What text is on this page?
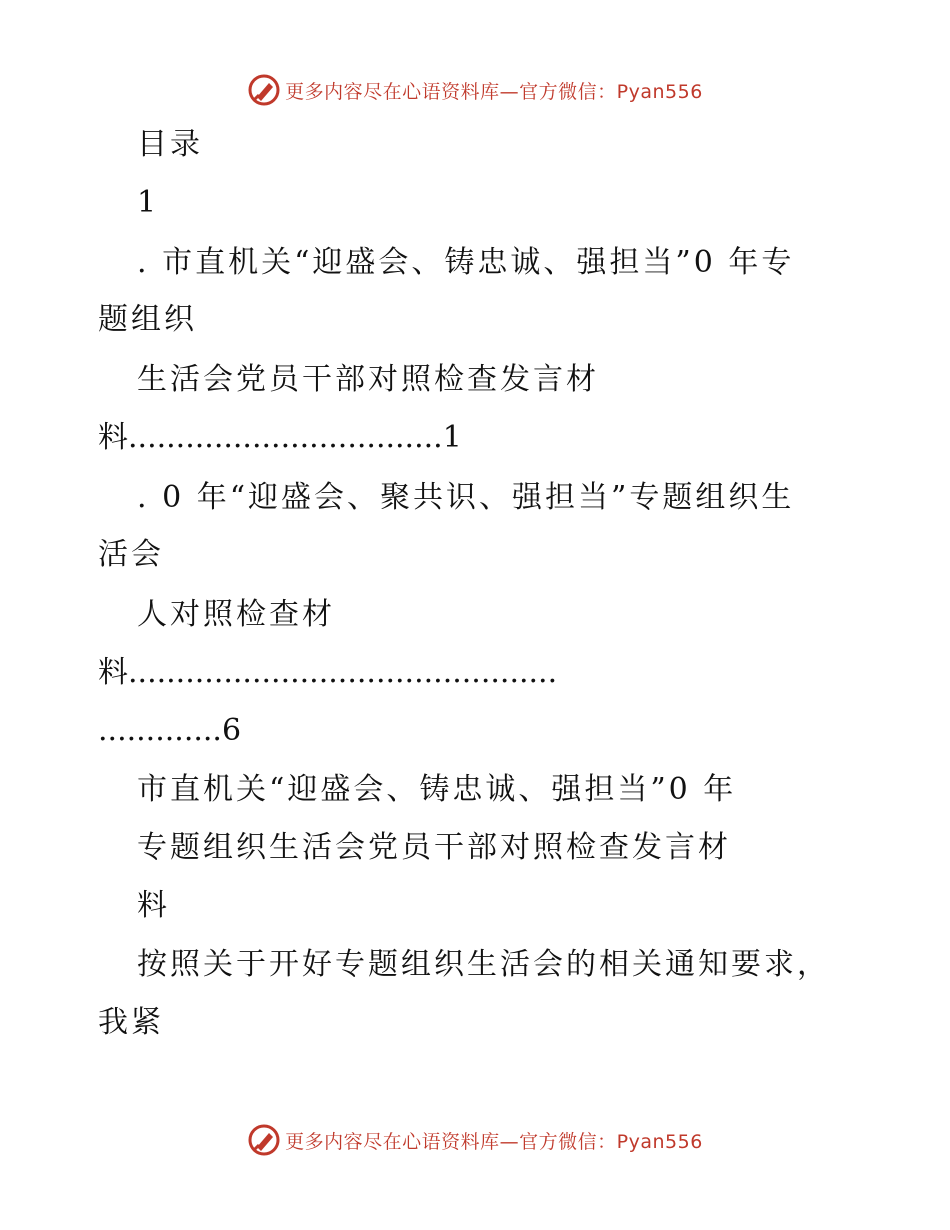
更多内容尽在心语资料库—官方微信：Pyan556
目录
1
. 市直机关“迎盛会、铸忠诚、强担当”0 年专
题组织
生活会党员干部对照检查发言材
料.................................1
. 0 年“迎盛会、聚共识、强担当”专题组织生
活会
人对照检查材
料.............................................
.............6
市直机关“迎盛会、铸忠诚、强担当”0 年
专题组织生活会党员干部对照检查发言材
料
按照关于开好专题组织生活会的相关通知要求，
我紧
更多内容尽在心语资料库—官方微信：Pyan556
